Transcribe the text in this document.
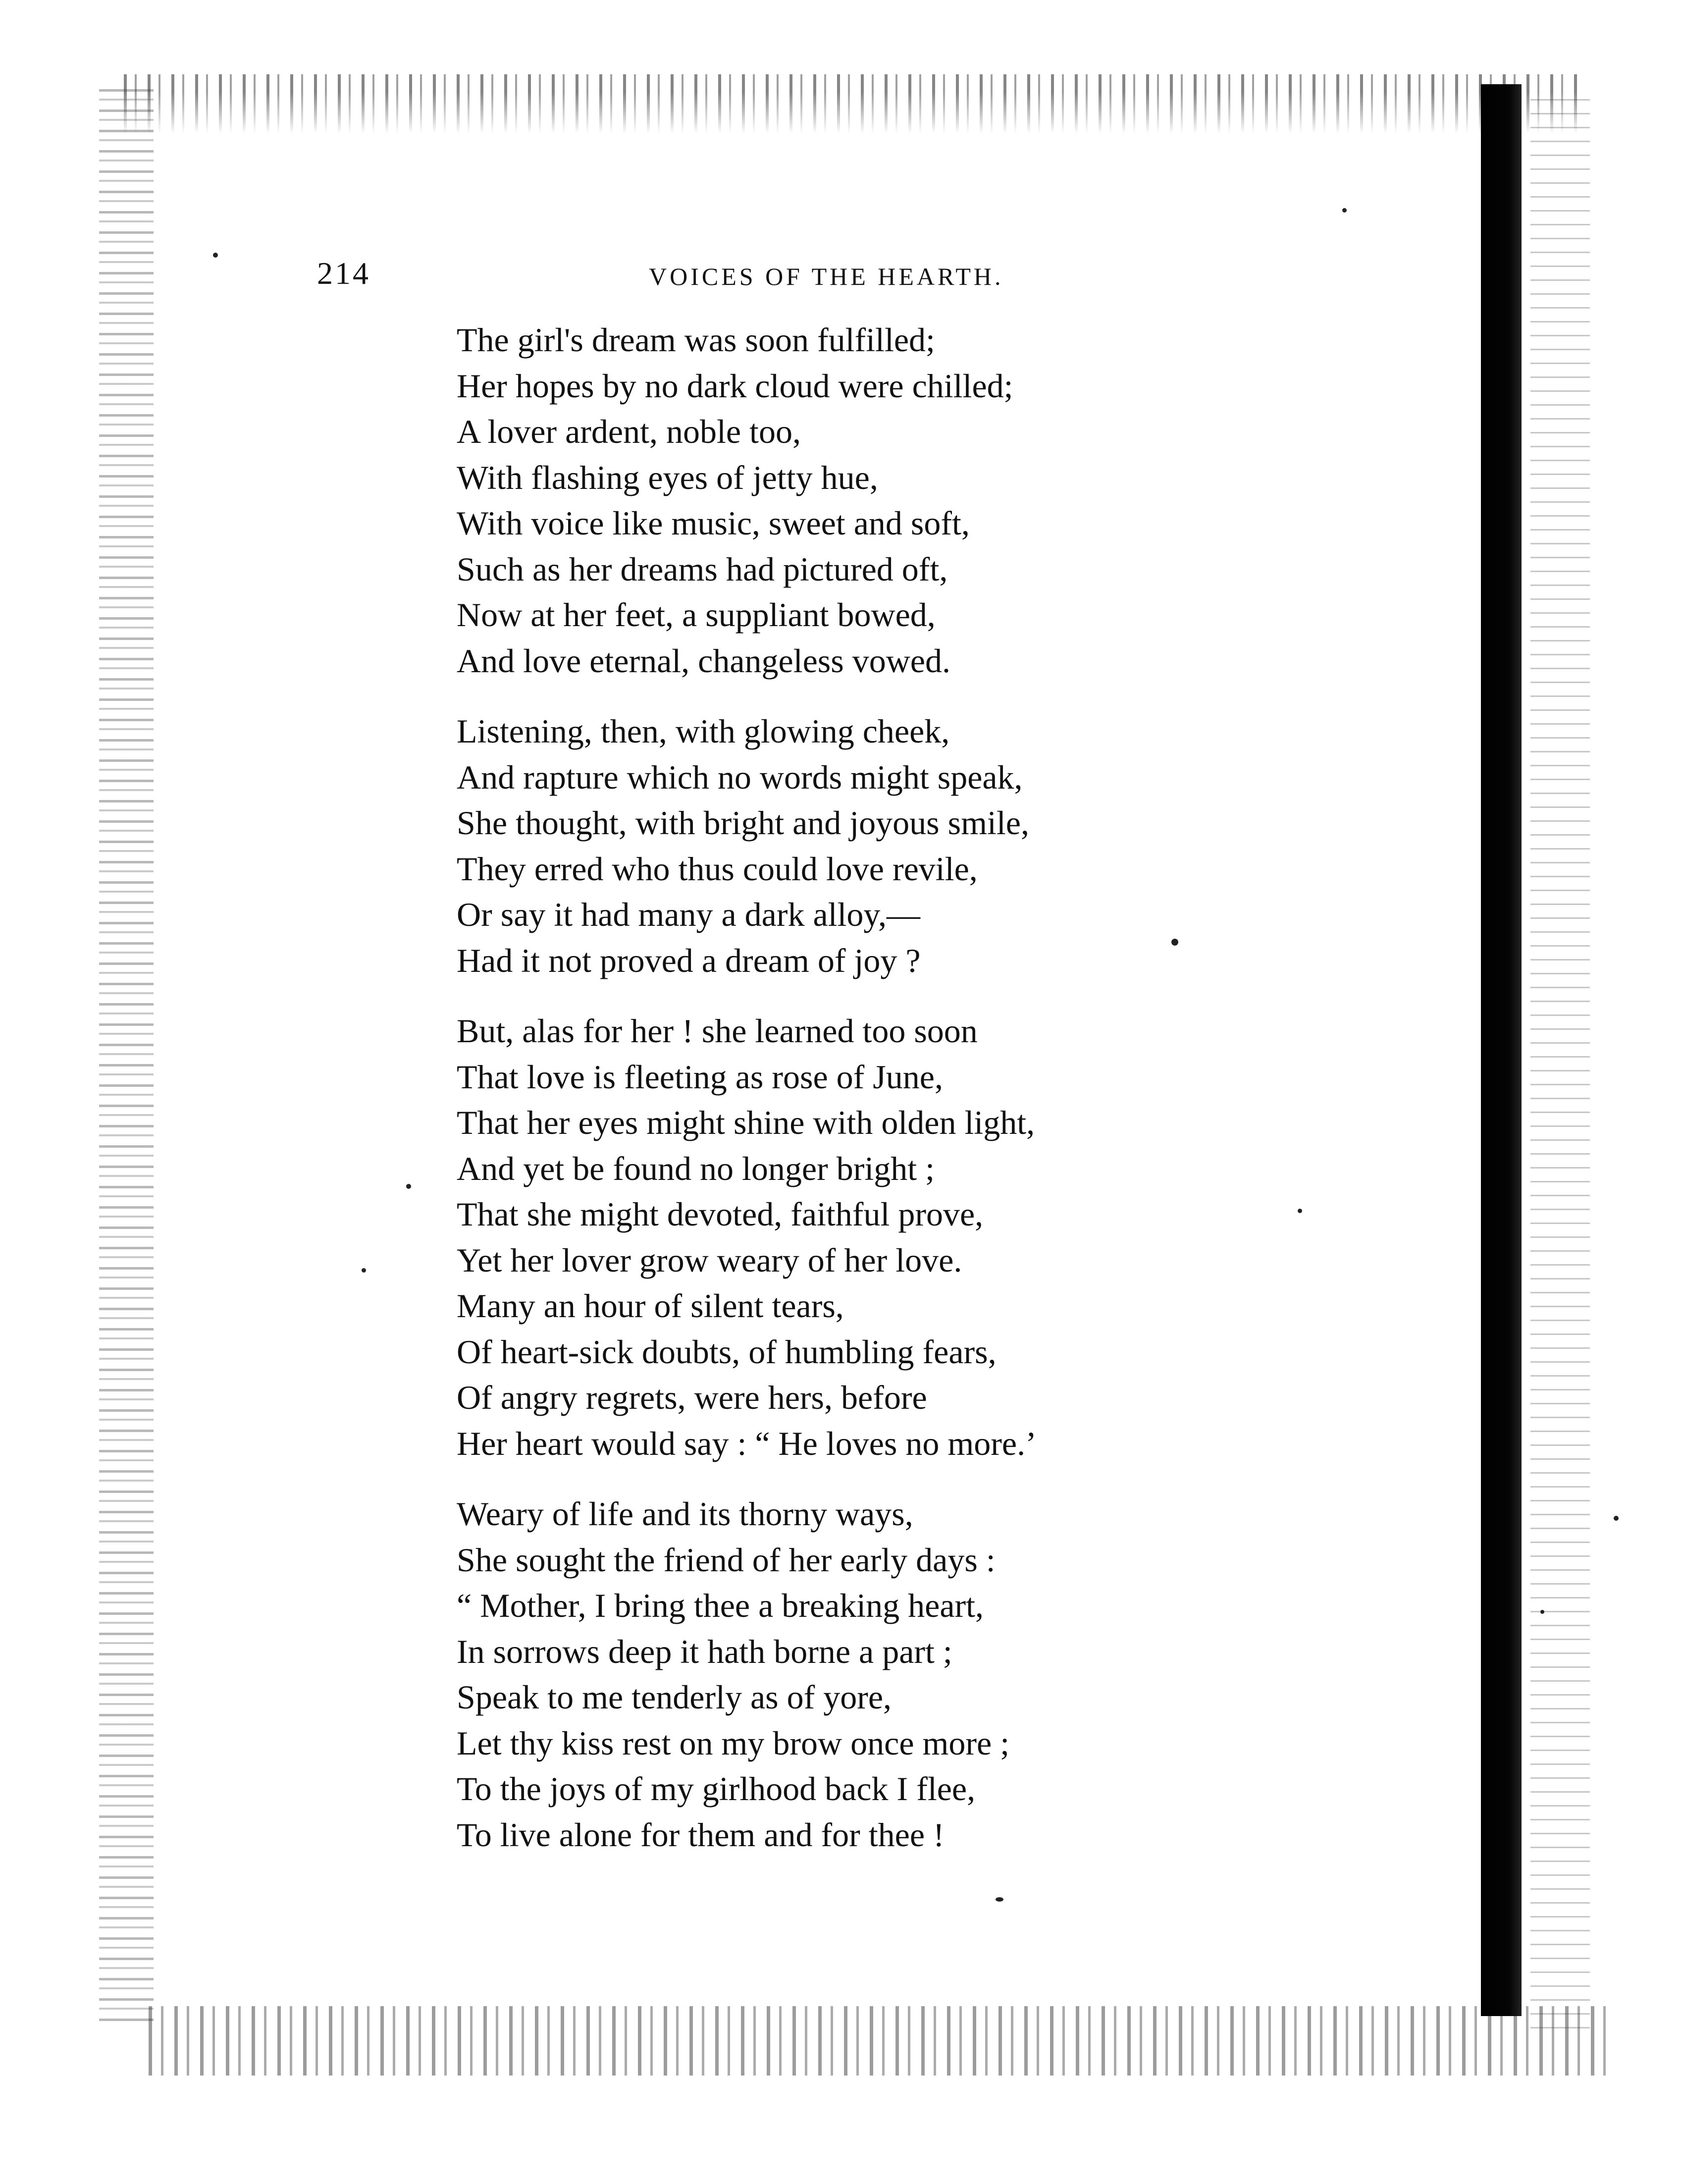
214	VOICES OF THE HEARTH.
The girl's dream was soon fulfilled;
Her hopes by no dark cloud were chilled;
A lover ardent, noble too,
With flashing eyes of jetty hue,
With voice like music, sweet and soft,
Such as her dreams had pictured oft,
Now at her feet, a suppliant bowed,
And love eternal, changeless vowed.
Listening, then, with glowing cheek,
And rapture which no words might speak,
She thought, with bright and joyous smile,
They erred who thus could love revile,
Or say it had many a dark alloy,—
Had it not proved a dream of joy ?
But, alas for her ! she learned too soon
That love is fleeting as rose of June,
That her eyes might shine with olden light,
And yet be found no longer bright ;
That she might devoted, faithful prove,
Yet her lover grow weary of her love.
Many an hour of silent tears,
Of heart-sick doubts, of humbling fears,
Of angry regrets, were hers, before
Her heart would say : “ He loves no more.’
Weary of life and its thorny ways,
She sought the friend of her early days :
“ Mother, I bring thee a breaking heart,
In sorrows deep it hath borne a part ;
Speak to me tenderly as of yore,
Let thy kiss rest on my brow once more ;
To the joys of my girlhood back I flee,
To live alone for them and for thee !
